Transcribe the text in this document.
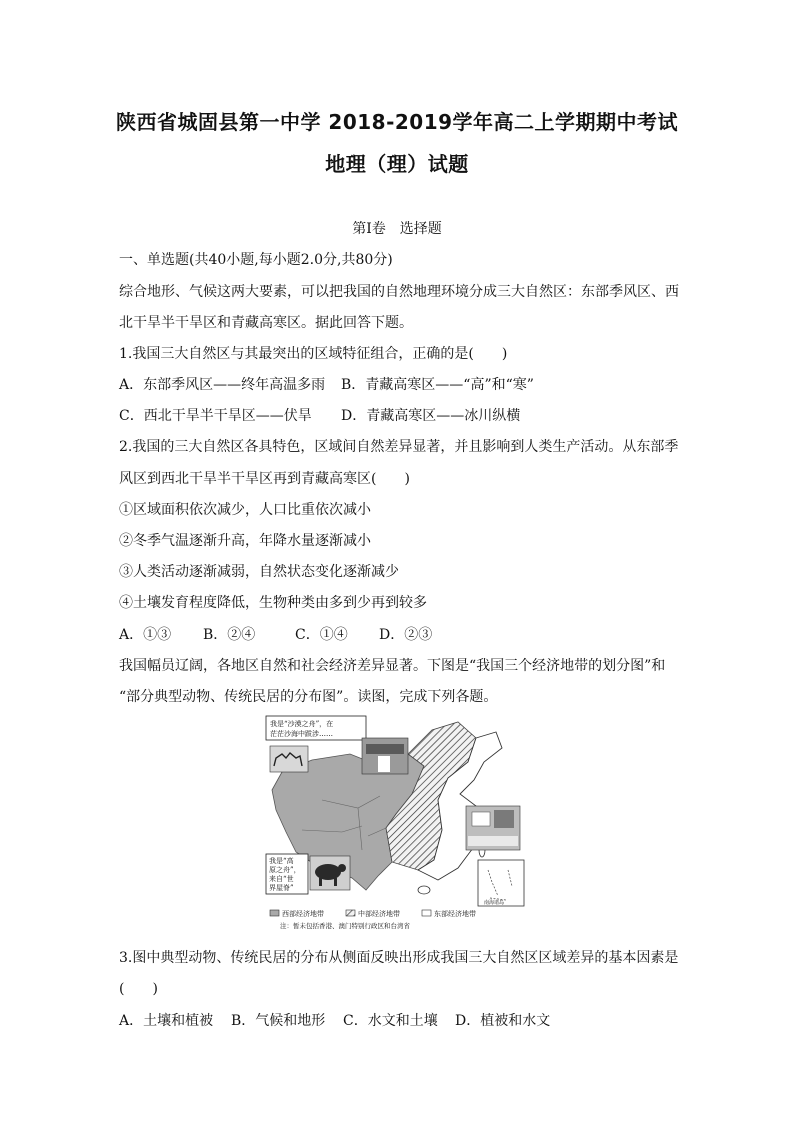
陕西省城固县第一中学 2018-2019学年高二上学期期中考试
地理（理）试题
第Ⅰ卷　选择题
一、单选题(共40小题,每小题2.0分,共80分)
综合地形、气候这两大要素，可以把我国的自然地理环境分成三大自然区：东部季风区、西
北干旱半干旱区和青藏高寒区。据此回答下题。
1.我国三大自然区与其最突出的区域特征组合，正确的是(　　)
A．东部季风区——终年高温多雨 B．青藏高寒区——“高”和“寒”
C．西北干旱半干旱区——伏旱 D．青藏高寒区——冰川纵横
2.我国的三大自然区各具特色，区域间自然差异显著，并且影响到人类生产活动。从东部季
风区到西北干旱半干旱区再到青藏高寒区(　　)
①区域面积依次减少，人口比重依次减小
②冬季气温逐渐升高，年降水量逐渐减小
③人类活动逐渐减弱，自然状态变化逐渐减少
④土壤发育程度降低，生物种类由多到少再到较多
A．①③ B．②④	C．①④ D．②③
我国幅员辽阔，各地区自然和社会经济差异显著。下图是“我国三个经济地带的划分图”和
“部分典型动物、传统民居的分布图”。读图，完成下列各题。
我是“沙漠之舟”，在
茫茫沙海中跋涉……
我是“高
原之舟”，
来自“世
界屋脊”
南海诸岛
西部经济地带	中部经济地带	东部经济地带
注：暂未包括香港、澳门特别行政区和台湾省
3.图中典型动物、传统民居的分布从侧面反映出形成我国三大自然区区域差异的基本因素是
(　　)
A．土壤和植被 B．气候和地形 C．水文和土壤 D．植被和水文
